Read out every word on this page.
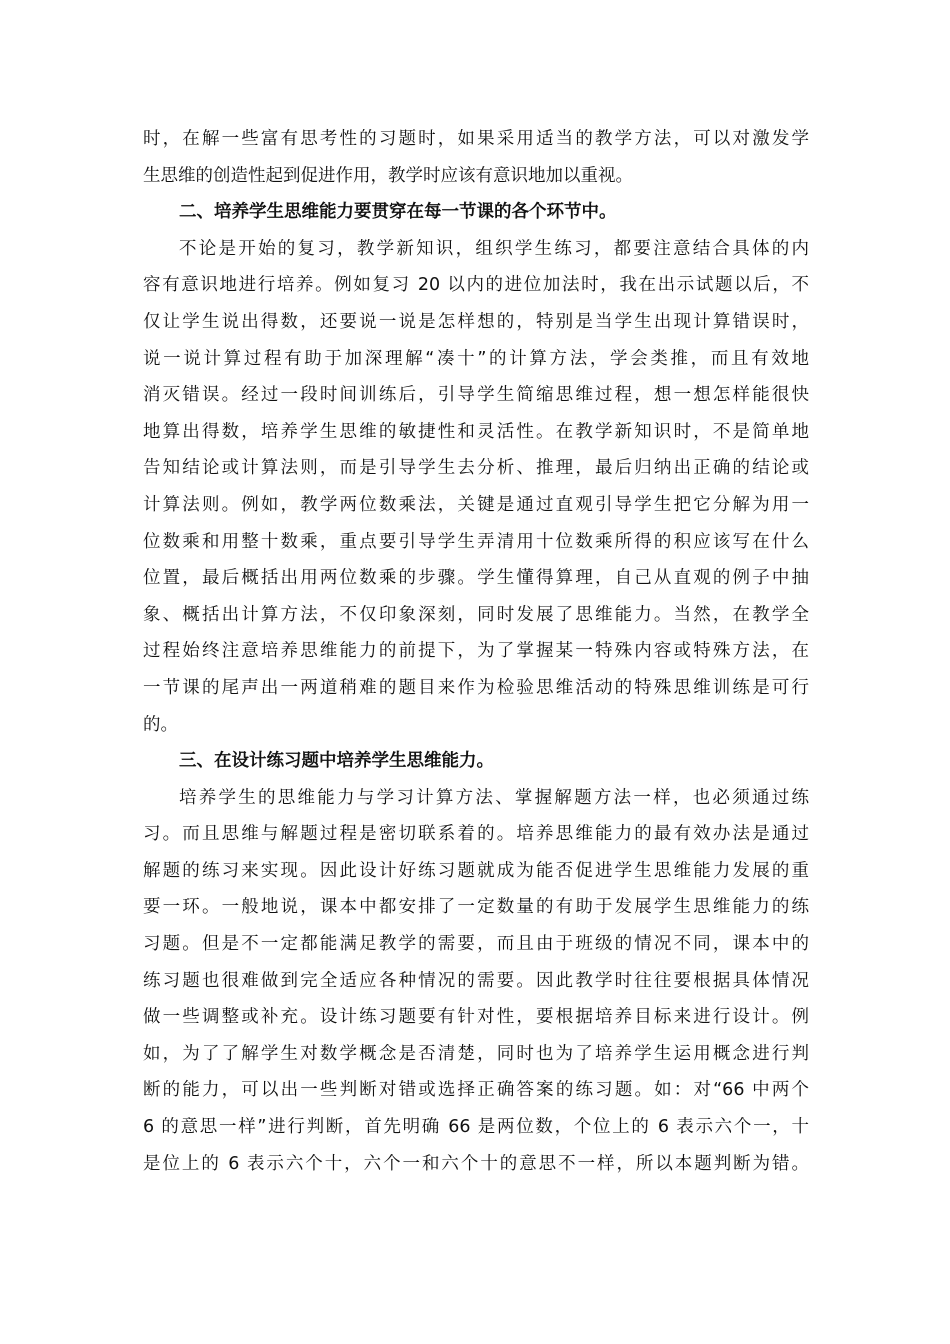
时，在解一些富有思考性的习题时，如果采用适当的教学方法，可以对激发学
生思维的创造性起到促进作用，教学时应该有意识地加以重视。
二、培养学生思维能力要贯穿在每一节课的各个环节中。
不论是开始的复习，教学新知识，组织学生练习，都要注意结合具体的内
容有意识地进行培养。例如复习 20 以内的进位加法时，我在出示试题以后，不
仅让学生说出得数，还要说一说是怎样想的，特别是当学生出现计算错误时，
说一说计算过程有助于加深理解“凑十”的计算方法，学会类推，而且有效地
消灭错误。经过一段时间训练后，引导学生简缩思维过程，想一想怎样能很快
地算出得数，培养学生思维的敏捷性和灵活性。在教学新知识时，不是简单地
告知结论或计算法则，而是引导学生去分析、推理，最后归纳出正确的结论或
计算法则。例如，教学两位数乘法，关键是通过直观引导学生把它分解为用一
位数乘和用整十数乘，重点要引导学生弄清用十位数乘所得的积应该写在什么
位置，最后概括出用两位数乘的步骤。学生懂得算理，自己从直观的例子中抽
象、概括出计算方法，不仅印象深刻，同时发展了思维能力。当然，在教学全
过程始终注意培养思维能力的前提下，为了掌握某一特殊内容或特殊方法，在
一节课的尾声出一两道稍难的题目来作为检验思维活动的特殊思维训练是可行
的。
三、在设计练习题中培养学生思维能力。
培养学生的思维能力与学习计算方法、掌握解题方法一样，也必须通过练
习。而且思维与解题过程是密切联系着的。培养思维能力的最有效办法是通过
解题的练习来实现。因此设计好练习题就成为能否促进学生思维能力发展的重
要一环。一般地说，课本中都安排了一定数量的有助于发展学生思维能力的练
习题。但是不一定都能满足教学的需要，而且由于班级的情况不同，课本中的
练习题也很难做到完全适应各种情况的需要。因此教学时往往要根据具体情况
做一些调整或补充。设计练习题要有针对性，要根据培养目标来进行设计。例
如，为了了解学生对数学概念是否清楚，同时也为了培养学生运用概念进行判
断的能力，可以出一些判断对错或选择正确答案的练习题。如：对“66 中两个
6 的意思一样”进行判断，首先明确 66 是两位数，个位上的 6 表示六个一，十
是位上的 6 表示六个十，六个一和六个十的意思不一样，所以本题判断为错。
